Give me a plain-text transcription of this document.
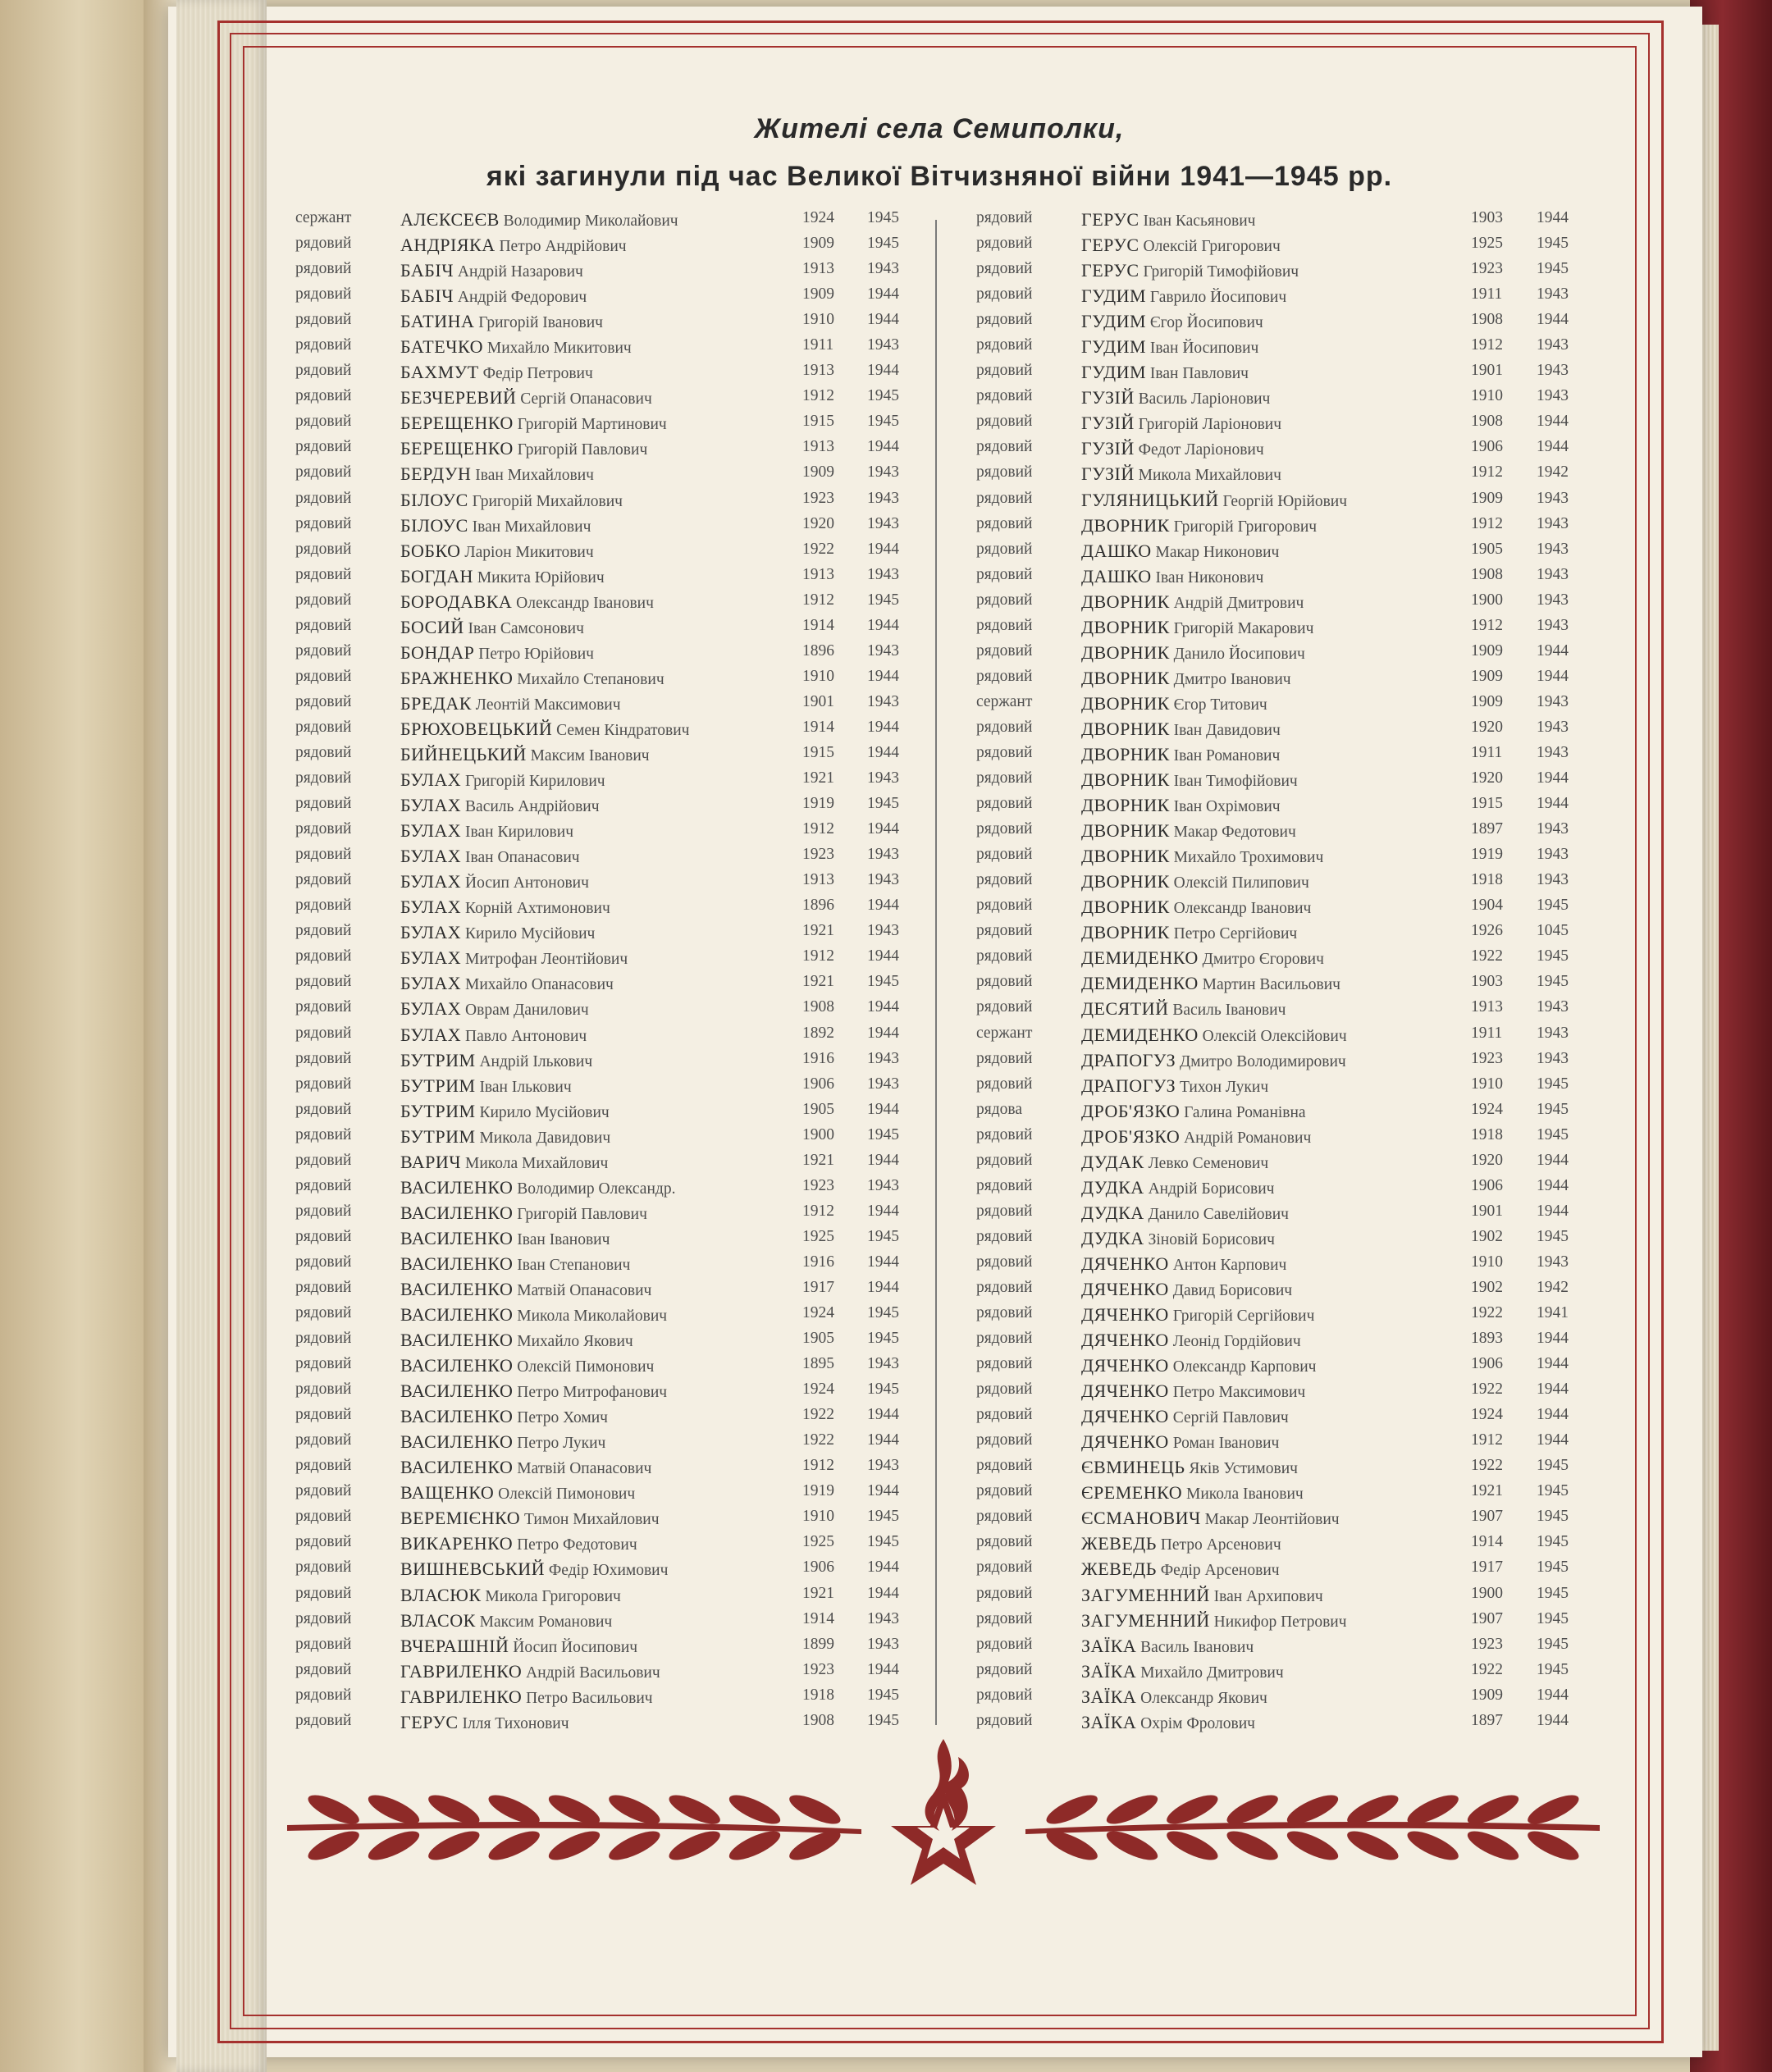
Жителі села Семиполки,
які загинули під час Великої Вітчизняної війни 1941—1945 рр.
сержант	АЛЄКСЕЄВ Володимир Миколайович	1924 1945
рядовий	АНДРІЯКА Петро Андрійович	1909 1945
рядовий	БАБІЧ Андрій Назарович	1913 1943
рядовий	БАБІЧ Андрій Федорович	1909 1944
рядовий	БАТИНА Григорій Іванович	1910 1944
рядовий	БАТЕЧКО Михайло Микитович	1911 1943
рядовий	БАХМУТ Федір Петрович	1913 1944
рядовий	БЕЗЧЕРЕВИЙ Сергій Опанасович	1912 1945
рядовий	БЕРЕЩЕНКО Григорій Мартинович	1915 1945
рядовий	БЕРЕЩЕНКО Григорій Павлович	1913 1944
рядовий	БЕРДУН Іван Михайлович	1909 1943
рядовий	БІЛОУС Григорій Михайлович	1923 1943
рядовий	БІЛОУС Іван Михайлович	1920 1943
рядовий	БОБКО Ларіон Микитович	1922 1944
рядовий	БОГДАН Микита Юрійович	1913 1943
рядовий	БОРОДАВКА Олександр Іванович	1912 1945
рядовий	БОСИЙ Іван Самсонович	1914 1944
рядовий	БОНДАР Петро Юрійович	1896 1943
рядовий	БРАЖНЕНКО Михайло Степанович	1910 1944
рядовий	БРЕДАК Леонтій Максимович	1901 1943
рядовий	БРЮХОВЕЦЬКИЙ Семен Кіндратович	1914 1944
рядовий	БИЙНЕЦЬКИЙ Максим Іванович	1915 1944
рядовий	БУЛАХ Григорій Кирилович	1921 1943
рядовий	БУЛАХ Василь Андрійович	1919 1945
рядовий	БУЛАХ Іван Кирилович	1912 1944
рядовий	БУЛАХ Іван Опанасович	1923 1943
рядовий	БУЛАХ Йосип Антонович	1913 1943
рядовий	БУЛАХ Корній Ахтимонович	1896 1944
рядовий	БУЛАХ Кирило Мусійович	1921 1943
рядовий	БУЛАХ Митрофан Леонтійович	1912 1944
рядовий	БУЛАХ Михайло Опанасович	1921 1945
рядовий	БУЛАХ Оврам Данилович	1908 1944
рядовий	БУЛАХ Павло Антонович	1892 1944
рядовий	БУТРИМ Андрій Ількович	1916 1943
рядовий	БУТРИМ Іван Ількович	1906 1943
рядовий	БУТРИМ Кирило Мусійович	1905 1944
рядовий	БУТРИМ Микола Давидович	1900 1945
рядовий	ВАРИЧ Микола Михайлович	1921 1944
рядовий	ВАСИЛЕНКО Володимир Олександр.	1923 1943
рядовий	ВАСИЛЕНКО Григорій Павлович	1912 1944
рядовий	ВАСИЛЕНКО Іван Іванович	1925 1945
рядовий	ВАСИЛЕНКО Іван Степанович	1916 1944
рядовий	ВАСИЛЕНКО Матвій Опанасович	1917 1944
рядовий	ВАСИЛЕНКО Микола Миколайович	1924 1945
рядовий	ВАСИЛЕНКО Михайло Якович	1905 1945
рядовий	ВАСИЛЕНКО Олексій Пимонович	1895 1943
рядовий	ВАСИЛЕНКО Петро Митрофанович	1924 1945
рядовий	ВАСИЛЕНКО Петро Хомич	1922 1944
рядовий	ВАСИЛЕНКО Петро Лукич	1922 1944
рядовий	ВАСИЛЕНКО Матвій Опанасович	1912 1943
рядовий	ВАЩЕНКО Олексій Пимонович	1919 1944
рядовий	ВЕРЕМІЄНКО Тимон Михайлович	1910 1945
рядовий	ВИКАРЕНКО Петро Федотович	1925 1945
рядовий	ВИШНЕВСЬКИЙ Федір Юхимович	1906 1944
рядовий	ВЛАСЮК Микола Григорович	1921 1944
рядовий	ВЛАСОК Максим Романович	1914 1943
рядовий	ВЧЕРАШНІЙ Йосип Йосипович	1899 1943
рядовий	ГАВРИЛЕНКО Андрій Васильович	1923 1944
рядовий	ГАВРИЛЕНКО Петро Васильович	1918 1945
рядовий	ГЕРУС Ілля Тихонович	1908 1945
рядовий	ГЕРУС Іван Касьянович	1903 1944
рядовий	ГЕРУС Олексій Григорович	1925 1945
рядовий	ГЕРУС Григорій Тимофійович	1923 1945
рядовий	ГУДИМ Гаврило Йосипович	1911 1943
рядовий	ГУДИМ Єгор Йосипович	1908 1944
рядовий	ГУДИМ Іван Йосипович	1912 1943
рядовий	ГУДИМ Іван Павлович	1901 1943
рядовий	ГУЗІЙ Василь Ларіонович	1910 1943
рядовий	ГУЗІЙ Григорій Ларіонович	1908 1944
рядовий	ГУЗІЙ Федот Ларіонович	1906 1944
рядовий	ГУЗІЙ Микола Михайлович	1912 1942
рядовий	ГУЛЯНИЦЬКИЙ Георгій Юрійович	1909 1943
рядовий	ДВОРНИК Григорій Григорович	1912 1943
рядовий	ДАШКО Макар Никонович	1905 1943
рядовий	ДАШКО Іван Никонович	1908 1943
рядовий	ДВОРНИК Андрій Дмитрович	1900 1943
рядовий	ДВОРНИК Григорій Макарович	1912 1943
рядовий	ДВОРНИК Данило Йосипович	1909 1944
рядовий	ДВОРНИК Дмитро Іванович	1909 1944
сержант	ДВОРНИК Єгор Титович	1909 1943
рядовий	ДВОРНИК Іван Давидович	1920 1943
рядовий	ДВОРНИК Іван Романович	1911 1943
рядовий	ДВОРНИК Іван Тимофійович	1920 1944
рядовий	ДВОРНИК Іван Охрімович	1915 1944
рядовий	ДВОРНИК Макар Федотович	1897 1943
рядовий	ДВОРНИК Михайло Трохимович	1919 1943
рядовий	ДВОРНИК Олексій Пилипович	1918 1943
рядовий	ДВОРНИК Олександр Іванович	1904 1945
рядовий	ДВОРНИК Петро Сергійович	1926 1045
рядовий	ДЕМИДЕНКО Дмитро Єгорович	1922 1945
рядовий	ДЕМИДЕНКО Мартин Васильович	1903 1945
рядовий	ДЕСЯТИЙ Василь Іванович	1913 1943
сержант	ДЕМИДЕНКО Олексій Олексійович	1911 1943
рядовий	ДРАПОГУЗ Дмитро Володимирович	1923 1943
рядовий	ДРАПОГУЗ Тихон Лукич	1910 1945
рядова	ДРОБ'ЯЗКО Галина Романівна	1924 1945
рядовий	ДРОБ'ЯЗКО Андрій Романович	1918 1945
рядовий	ДУДАК Левко Семенович	1920 1944
рядовий	ДУДКА Андрій Борисович	1906 1944
рядовий	ДУДКА Данило Савелійович	1901 1944
рядовий	ДУДКА Зіновій Борисович	1902 1945
рядовий	ДЯЧЕНКО Антон Карпович	1910 1943
рядовий	ДЯЧЕНКО Давид Борисович	1902 1942
рядовий	ДЯЧЕНКО Григорій Сергійович	1922 1941
рядовий	ДЯЧЕНКО Леонід Гордійович	1893 1944
рядовий	ДЯЧЕНКО Олександр Карпович	1906 1944
рядовий	ДЯЧЕНКО Петро Максимович	1922 1944
рядовий	ДЯЧЕНКО Сергій Павлович	1924 1944
рядовий	ДЯЧЕНКО Роман Іванович	1912 1944
рядовий	ЄВМИНЕЦЬ Яків Устимович	1922 1945
рядовий	ЄРЕМЕНКО Микола Іванович	1921 1945
рядовий	ЄСМАНОВИЧ Макар Леонтійович	1907 1945
рядовий	ЖЕВЕДЬ Петро Арсенович	1914 1945
рядовий	ЖЕВЕДЬ Федір Арсенович	1917 1945
рядовий	ЗАГУМЕННИЙ Іван Архипович	1900 1945
рядовий	ЗАГУМЕННИЙ Никифор Петрович	1907 1945
рядовий	ЗАЇКА Василь Іванович	1923 1945
рядовий	ЗАЇКА Михайло Дмитрович	1922 1945
рядовий	ЗАЇКА Олександр Якович	1909 1944
рядовий	ЗАЇКА Охрім Фролович	1897 1944
